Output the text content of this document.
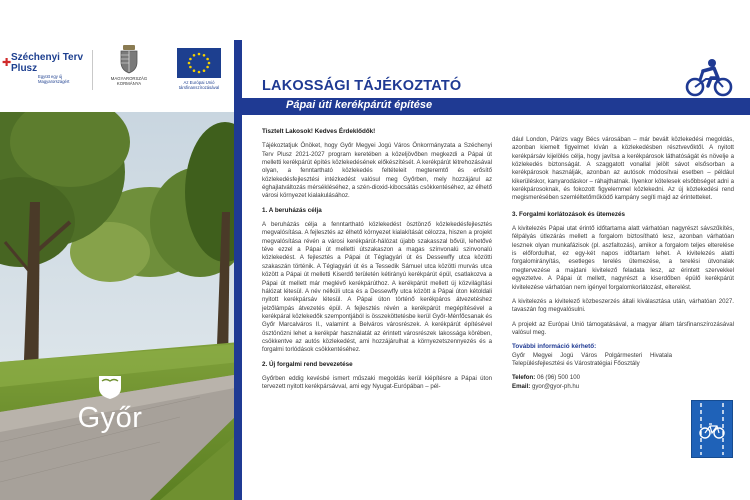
✚ Széchenyi Terv Plusz
Együtt egy új Magyarországért
MAGYARORSZÁG KORMÁNYA	Az Európai Unió társfinanszírozásával
Győr
LAKOSSÁGI TÁJÉKOZTATÓ
Pápai úti kerékpárút építése

Tisztelt Lakosok! Kedves Érdeklődők!

Tájékoztatjuk Önöket, hogy Győr Megyei Jogú Város Önkormányzata a Széchenyi Terv Plusz 2021-2027 program keretében a közeljövőben megkezdi a Pápai út melletti kerékpárút építés közlekedésének előkészítését. A kerékpárút létrehozásával olyan, a fenntartható közlekedés feltételeit megteremtő és erősítő közlekedésfejlesztési intézkedést valósul meg Győrben, mely hozzájárul az éghajlatváltozás mérsékléséhez, a szén-dioxid-kibocsátás csökkentéséhez, az élhető városi környezet kialakulásához.

1. A beruházás célja

A beruházás célja a fenntartható közlekedést ösztönző közlekedésfejlesztés megvalósítása. A fejlesztés az élhető környezet kialakítását célozza, hiszen a projekt megvalósítása révén a városi kerékpárút-hálózat újabb szakasszal bővül, lehetővé téve ezzel a Pápai út melletti útszakaszon a magas színvonalú szinvonalú közlekedést. A fejlesztés a Pápai út Téglagyári út és Dessewffy utca közötti szakaszán történik. A Téglagyári út és a Tessedik Sámuel utca közötti murvás utca között a Pápai út melletti Kiserdő területén kétirányú kerékpárút épül, csatlakozva a Pápai út mellett már meglévő kerékpárúthoz. A kerékpárút mellett új közvilágítási hálózat létesül. A név nélküli utca és a Dessewffy utca között a Pápai úton kétoldali nyitott kerékpársáv létesül. A Pápai úton történő kerékpáros átvezetéshez jelzőlámpás átvezetés épül. A fejlesztés révén a kerékpárút megépítésével a kerékpáral közlekedők szempontjából is összeköttetésbe kerül Győr-Ménfőcsanak és Győr Marcalváros II., valamint a Belváros városrészek. A kerékpárút építésével ösztönözni lehet a kerékpár használatát az érintett városrészek lakossága körében, csökkentve az autós közlekedést, ami hozzájárulhat a környezetszennyezés és a forgalmi torlódások csökkentéséhez.

2. Új forgalmi rend bevezetése

Győrben eddig kevésbé ismert műszaki megoldás kerül kiépítésre a Pápai úton tervezett nyitott kerékpársávval, ami egy Nyugat-Európában – pél-

dául London, Párizs vagy Bécs városában – már bevált közlekedési megoldás, azonban kiemelt figyelmet kíván a közlekedésben résztvevőktől. A nyitott kerékpársáv kijelölés célja, hogy javítsa a kerékpárosok láthatóságát és növelje a közlekedés biztonságát. A szaggatott vonallal jelölt sávot elsősorban a kerékpárosok használják, azonban az autósok módosítvai esetben – például kikerüléskor, kanyarodáskor – ráhajthatnak. Ilyenkor kötelesek elsőbbséget adni a kerékpárosoknak, és fokozott figyelemmel közlekedni. Az új közlekedési rend megismerésében szemléltetőműködő kampány segíti majd az érintetteket.

3. Forgalmi korlátozások és ütemezés

A kivitelezés Pápai utat érintő időtartama alatt várhatóan nagyrészt sávszűkítés, félpályás útlezárás mellett a forgalom biztosítható lesz, azonban várhatóan lesznek olyan munkafázisok (pl. aszfaltozás), amikor a forgalom teljes elterelése is előfordulhat, ez egy-két napos időtartam lehet. A kivitelezés alatti forgalomirányítás, esetleges terelés ütemezése, a terelési útvonalak megtervezése a majdani kivitelező feladata lesz, az érintett szervekkel egyeztetve. A Pápai út mellett, nagyrészt a kiserdőben épülő kerékpárút kivitelezése várhatóan nem igényel forgalomkorlátozást, elterelést.

A kivitelezés a kivitelező közbeszerzés általi kiválasztása után, várhatóan 2027. tavaszán fog megvalósulni.

A projekt az Európai Unió támogatásával, a magyar állam társfinanszírozásával valósul meg.

További információ kérhető:

Győr Megyei Jogú Város Polgármesteri Hivatala Településfejlesztési és Várostratégiai Főosztály

Telefon: 06 (96) 500 100

Email: gyor@gyor-ph.hu
